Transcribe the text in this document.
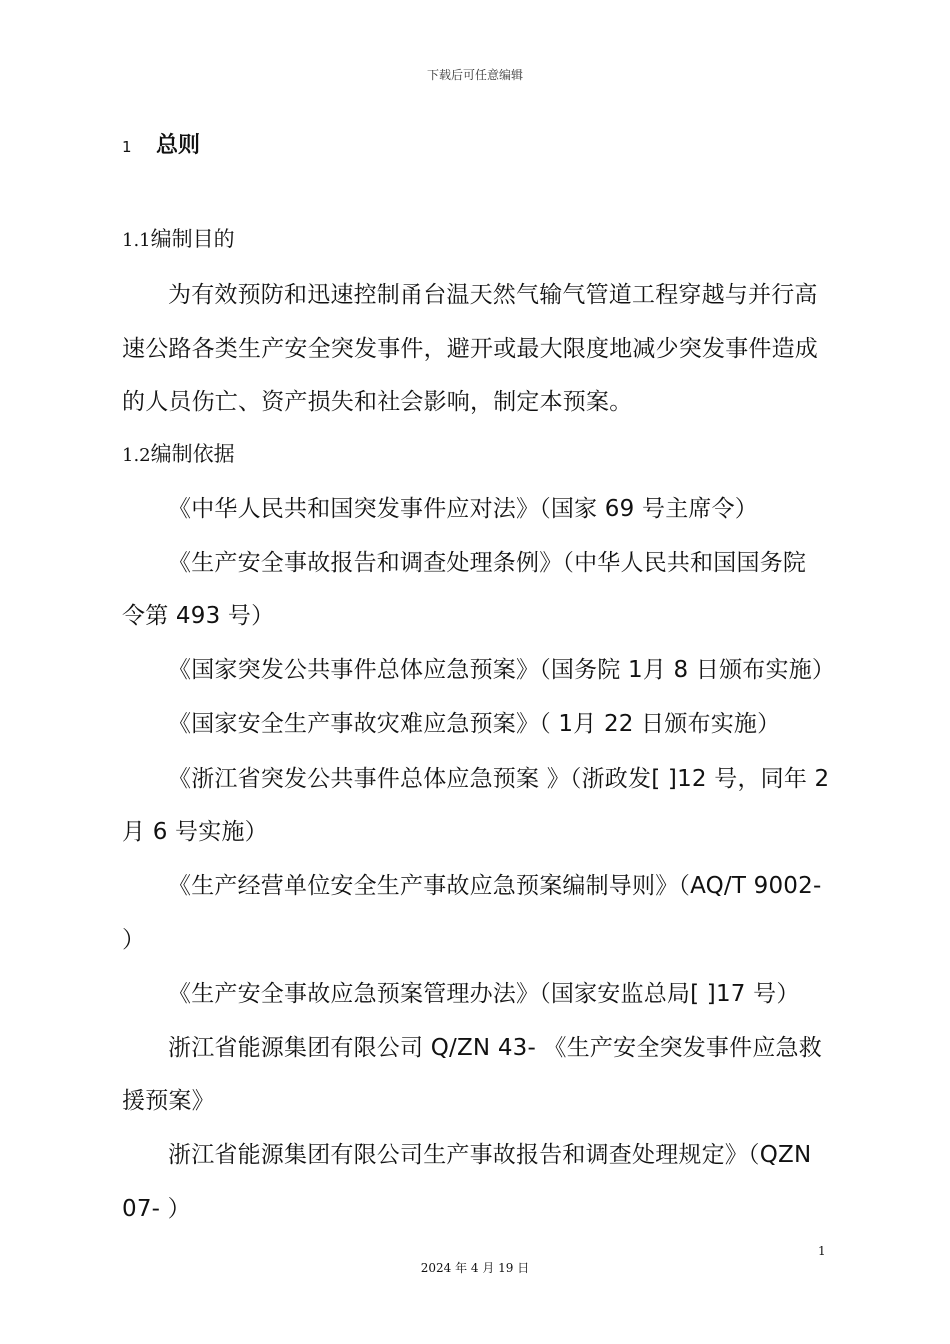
下载后可任意编辑
1 总则
1.1编制目的
为有效预防和迅速控制甬台温天然气输气管道工程穿越与并行高
速公路各类生产安全突发事件，避开或最大限度地减少突发事件造成
的人员伤亡、资产损失和社会影响，制定本预案。
1.2编制依据
《中华人民共和国突发事件应对法》（国家 69 号主席令）
《生产安全事故报告和调查处理条例》（中华人民共和国国务院
令第 493 号）
《国家突发公共事件总体应急预案》（国务院 1月 8 日颁布实施）
《国家安全生产事故灾难应急预案》（ 1月 22 日颁布实施）
《浙江省突发公共事件总体应急预案 》（浙政发[ ]12 号，同年 2
月 6 号实施）
《生产经营单位安全生产事故应急预案编制导则》（AQ/T 9002-
）
《生产安全事故应急预案管理办法》（国家安监总局[ ]17 号）
浙江省能源集团有限公司 Q/ZN 43- 《生产安全突发事件应急救
援预案》
浙江省能源集团有限公司生产事故报告和调查处理规定》（QZN
07- ）
1
2024 年 4 月 19 日
